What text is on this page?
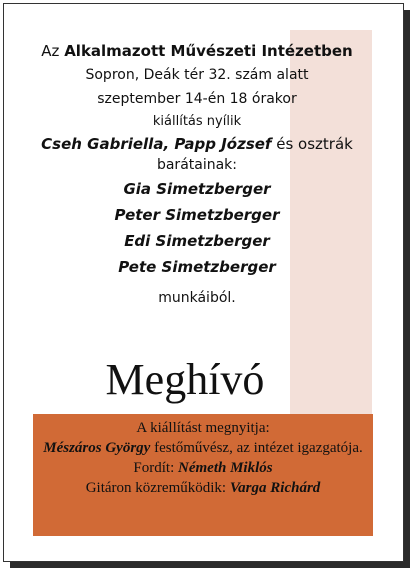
Az Alkalmazott Művészeti Intézetben
Sopron, Deák tér 32. szám alatt
szeptember 14-én 18 órakor
kiállítás nyílik
Cseh Gabriella, Papp József és osztrák
barátainak:
Gia Simetzberger
Peter Simetzberger
Edi Simetzberger
Pete Simetzberger
munkáiból.
Meghívó
A kiállítást megnyitja:
Mészáros György festőművész, az intézet igazgatója.
Fordít: Németh Miklós
Gitáron közreműködik: Varga Richárd
